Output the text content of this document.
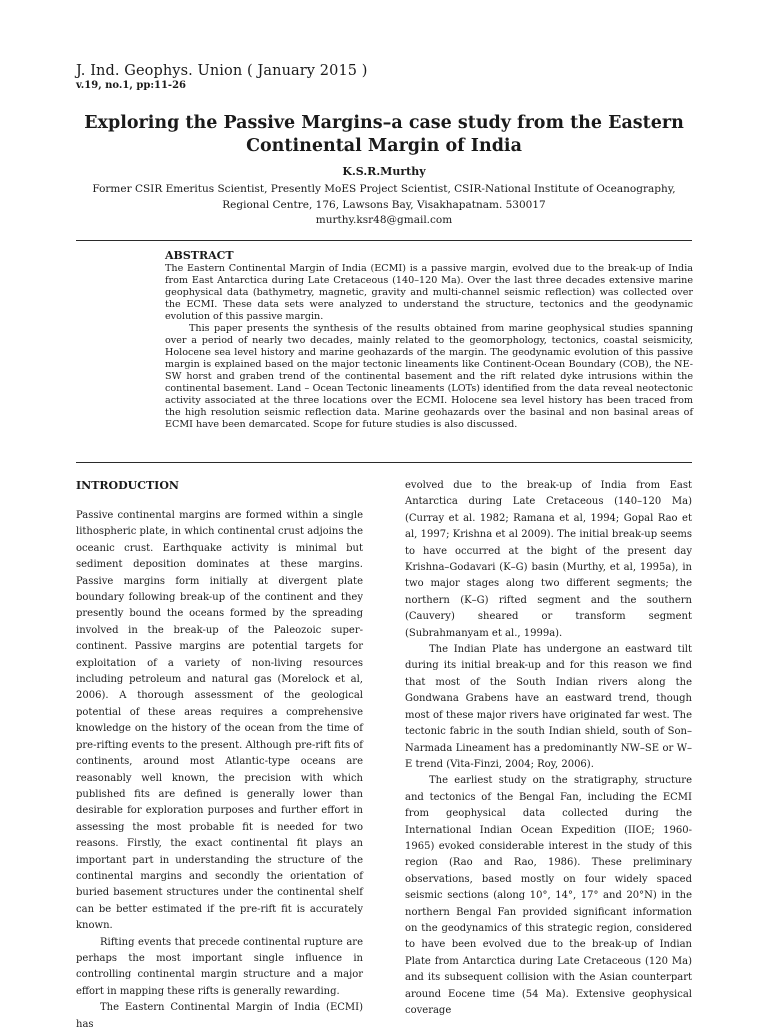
J. Ind. Geophys. Union ( January 2015 )
v.19, no.1, pp:11-26
Exploring the Passive Margins–a case study from the Eastern Continental Margin of India
K.S.R.Murthy
Former CSIR Emeritus Scientist, Presently MoES Project Scientist, CSIR-National Institute of Oceanography,
Regional Centre, 176, Lawsons Bay, Visakhapatnam. 530017
murthy.ksr48@gmail.com
ABSTRACT

The Eastern Continental Margin of India (ECMI) is a passive margin, evolved due to the break-up of India from East Antarctica during Late Cretaceous (140–120 Ma). Over the last three decades extensive marine geophysical data (bathymetry, magnetic, gravity and multi-channel seismic reflection) was collected over the ECMI. These data sets were analyzed to understand the structure, tectonics and the geodynamic evolution of this passive margin.

This paper presents the synthesis of the results obtained from marine geophysical studies spanning over a period of nearly two decades, mainly related to the geomorphology, tectonics, coastal seismicity, Holocene sea level history and marine geohazards of the margin. The geodynamic evolution of this passive margin is explained based on the major tectonic lineaments like Continent-Ocean Boundary (COB), the NE-SW horst and graben trend of the continental basement and the rift related dyke intrusions within the continental basement. Land – Ocean Tectonic lineaments (LOTs) identified from the data reveal neotectonic activity associated at the three locations over the ECMI. Holocene sea level history has been traced from the high resolution seismic reflection data. Marine geohazards over the basinal and non basinal areas of ECMI have been demarcated. Scope for future studies is also discussed.

INTRODUCTION

Passive continental margins are formed within a single lithospheric plate, in which continental crust adjoins the oceanic crust. Earthquake activity is minimal but sediment deposition dominates at these margins. Passive margins form initially at divergent plate boundary following break-up of the continent and they presently bound the oceans formed by the spreading involved in the break-up of the Paleozoic super-continent. Passive margins are potential targets for exploitation of a variety of non-living resources including petroleum and natural gas (Morelock et al, 2006). A thorough assessment of the geological potential of these areas requires a comprehensive knowledge on the history of the ocean from the time of pre-rifting events to the present. Although pre-rift fits of continents, around most Atlantic-type oceans are reasonably well known, the precision with which published fits are defined is generally lower than desirable for exploration purposes and further effort in assessing the most probable fit is needed for two reasons. Firstly, the exact continental fit plays an important part in understanding the structure of the continental margins and secondly the orientation of buried basement structures under the continental shelf can be better estimated if the pre-rift fit is accurately known.

Rifting events that precede continental rupture are perhaps the most important single influence in controlling continental margin structure and a major effort in mapping these rifts is generally rewarding.

The Eastern Continental Margin of India (ECMI) has

evolved due to the break-up of India from East Antarctica during Late Cretaceous (140–120 Ma) (Curray et al. 1982; Ramana et al, 1994; Gopal Rao et al, 1997; Krishna et al 2009). The initial break-up seems to have occurred at the bight of the present day Krishna–Godavari (K–G) basin (Murthy, et al, 1995a), in two major stages along two different segments; the northern (K–G) rifted segment and the southern (Cauvery) sheared or transform segment (Subrahmanyam et al., 1999a).

The Indian Plate has undergone an eastward tilt during its initial break-up and for this reason we find that most of the South Indian rivers along the Gondwana Grabens have an eastward trend, though most of these major rivers have originated far west. The tectonic fabric in the south Indian shield, south of Son–Narmada Lineament has a predominantly NW–SE or W–E trend (Vita-Finzi, 2004; Roy, 2006).

The earliest study on the stratigraphy, structure and tectonics of the Bengal Fan, including the ECMI from geophysical data collected during the International Indian Ocean Expedition (IIOE; 1960-1965) evoked considerable interest in the study of this region (Rao and Rao, 1986). These preliminary observations, based mostly on four widely spaced seismic sections (along 10°, 14°, 17° and 20°N) in the northern Bengal Fan provided significant information on the geodynamics of this strategic region, considered to have been evolved due to the break-up of Indian Plate from Antarctica during Late Cretaceous (120 Ma) and its subsequent collision with the Asian counterpart around Eocene time (54 Ma). Extensive geophysical coverage
